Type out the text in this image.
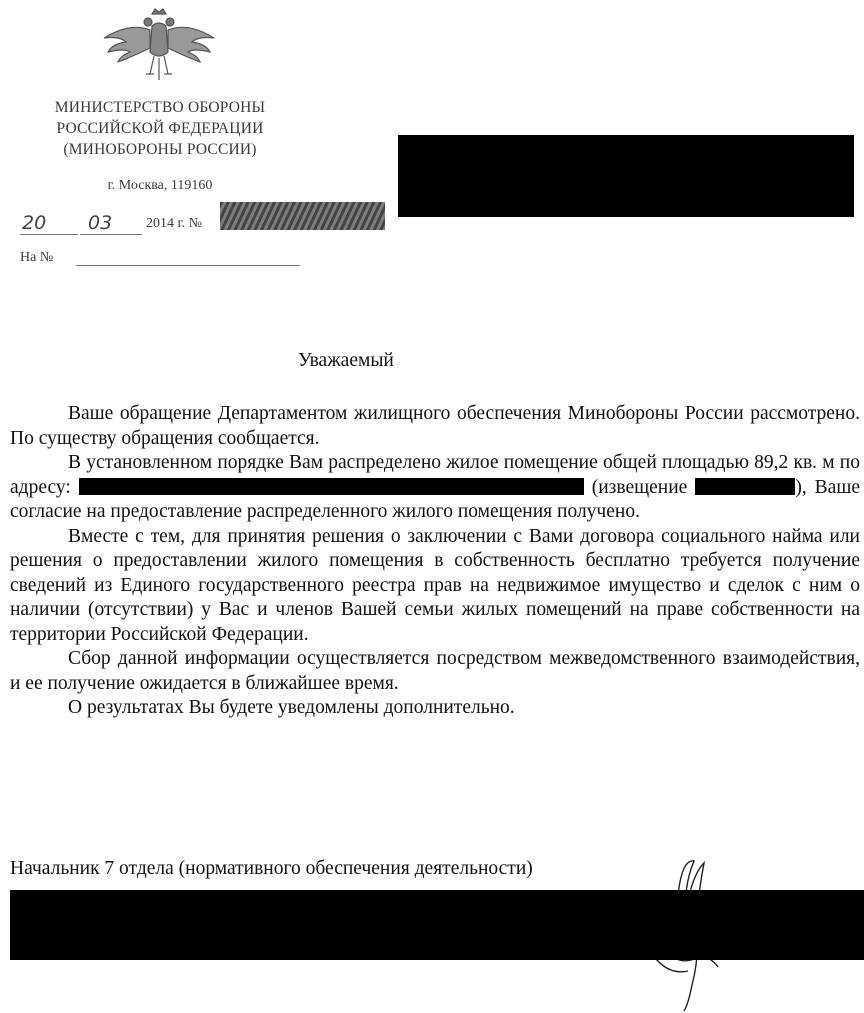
МИНИСТЕРСТВО ОБОРОНЫ
РОССИЙСКОЙ ФЕДЕРАЦИИ
(МИНОБОРОНЫ РОССИИ)
г. Москва, 119160
20 03 2014 г. №
На №
Уважаемый

Ваше обращение Департаментом жилищного обеспечения Минобороны России рассмотрено. По существу обращения сообщается.

В установленном порядке Вам распределено жилое помещение общей площадью 89,2 кв. м по адресу:	(извещение	), Ваше согласие на предоставление распределенного жилого помещения получено.

Вместе с тем, для принятия решения о заключении с Вами договора социального найма или решения о предоставлении жилого помещения в собственность бесплатно требуется получение сведений из Единого государственного реестра прав на недвижимое имущество и сделок с ним о наличии (отсутствии) у Вас и членов Вашей семьи жилых помещений на праве собственности на территории Российской Федерации.

Сбор данной информации осуществляется посредством межведомственного взаимодействия, и ее получение ожидается в ближайшее время.

О результатах Вы будете уведомлены дополнительно.

Начальник 7 отдела (нормативного обеспечения деятельности)
